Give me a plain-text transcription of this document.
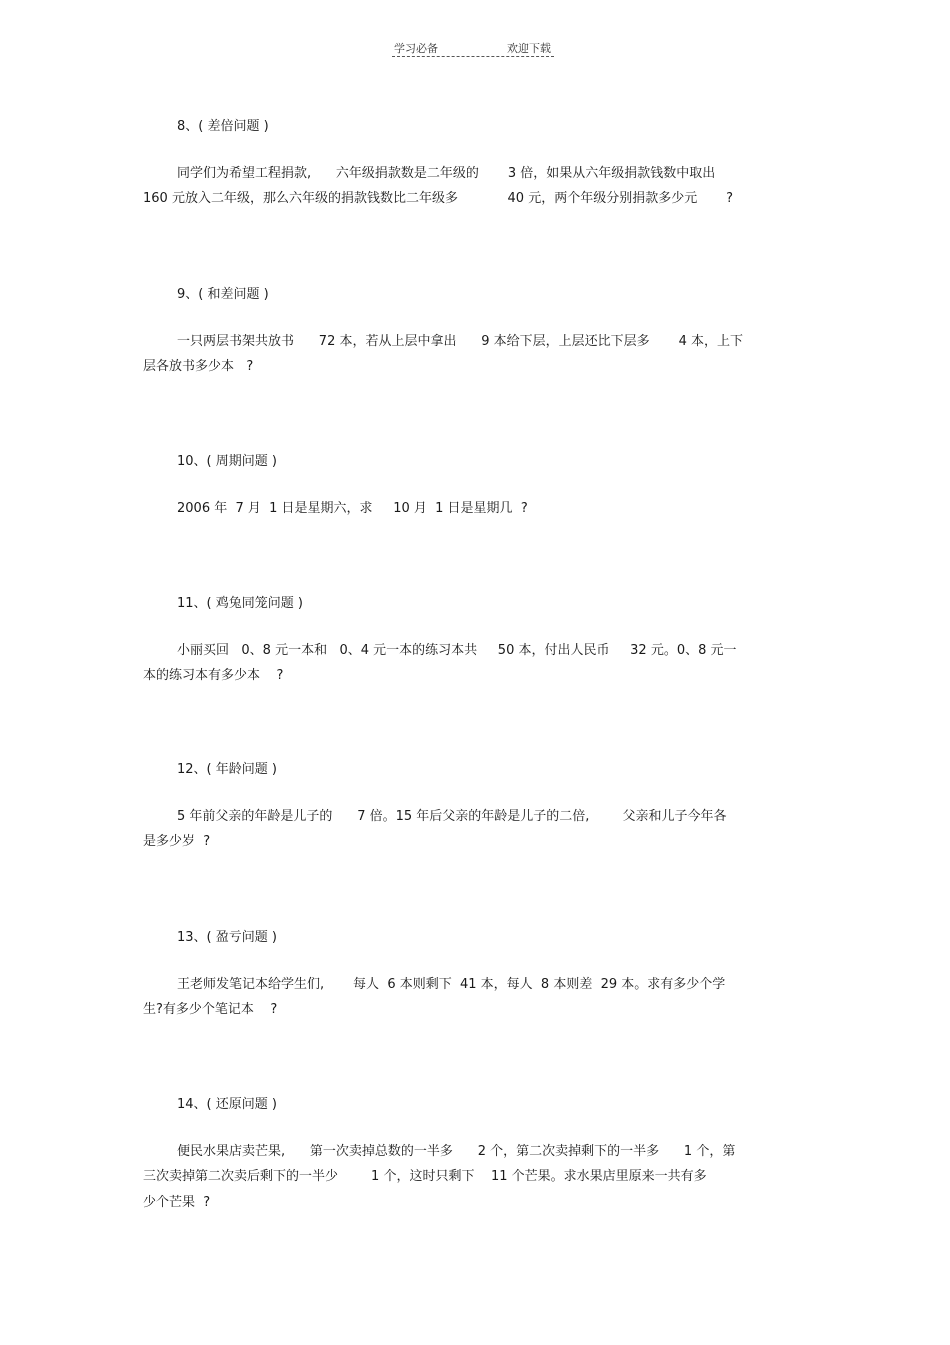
学习必备	欢迎下载
8、( 差倍问题 )
同学们为希望工程捐款,      六年级捐款数是二年级的       3 倍，如果从六年级捐款钱数中取出
160 元放入二年级，那么六年级的捐款钱数比二年级多            40 元，两个年级分别捐款多少元       ?
9、( 和差问题 )
一只两层书架共放书      72 本，若从上层中拿出      9 本给下层，上层还比下层多       4 本，上下
层各放书多少本   ?
10、( 周期问题 )
2006 年  7 月  1 日是星期六，求     10 月  1 日是星期几  ?
11、( 鸡兔同笼问题 )
小丽买回   0、8 元一本和   0、4 元一本的练习本共     50 本，付出人民币     32 元。0、8 元一
本的练习本有多少本    ?
12、( 年龄问题 )
5 年前父亲的年龄是儿子的      7 倍。15 年后父亲的年龄是儿子的二倍,        父亲和儿子今年各
是多少岁  ?
13、( 盈亏问题 )
王老师发笔记本给学生们,       每人  6 本则剩下  41 本，每人  8 本则差  29 本。求有多少个学
生?有多少个笔记本    ?
14、( 还原问题 )
便民水果店卖芒果,      第一次卖掉总数的一半多      2 个，第二次卖掉剩下的一半多      1 个，第
三次卖掉第二次卖后剩下的一半少        1 个，这时只剩下    11 个芒果。求水果店里原来一共有多
少个芒果  ?
